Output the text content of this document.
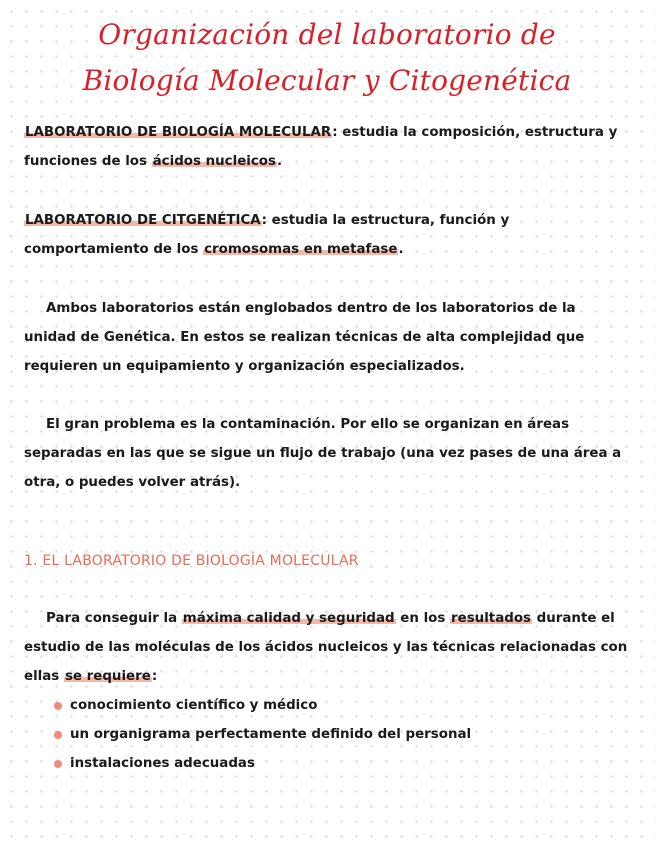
Organización del laboratorio de
Biología Molecular y Citogenética

LABORATORIO DE BIOLOGÍA MOLECULAR: estudia la composición, estructura y funciones de los ácidos nucleicos.

LABORATORIO DE CITGENÉTICA: estudia la estructura, función y comportamiento de los cromosomas en metafase.

Ambos laboratorios están englobados dentro de los laboratorios de la unidad de Genética. En estos se realizan técnicas de alta complejidad que requieren un equipamiento y organización especializados.

El gran problema es la contaminación. Por ello se organizan en áreas separadas en las que se sigue un flujo de trabajo (una vez pases de una área a otra, o puedes volver atrás).

1. EL LABORATORIO DE BIOLOGÍA MOLECULAR

Para conseguir la máxima calidad y seguridad en los resultados durante el estudio de las moléculas de los ácidos nucleicos y las técnicas relacionadas con ellas se requiere:

conocimiento científico y médico
un organigrama perfectamente definido del personal
instalaciones adecuadas
